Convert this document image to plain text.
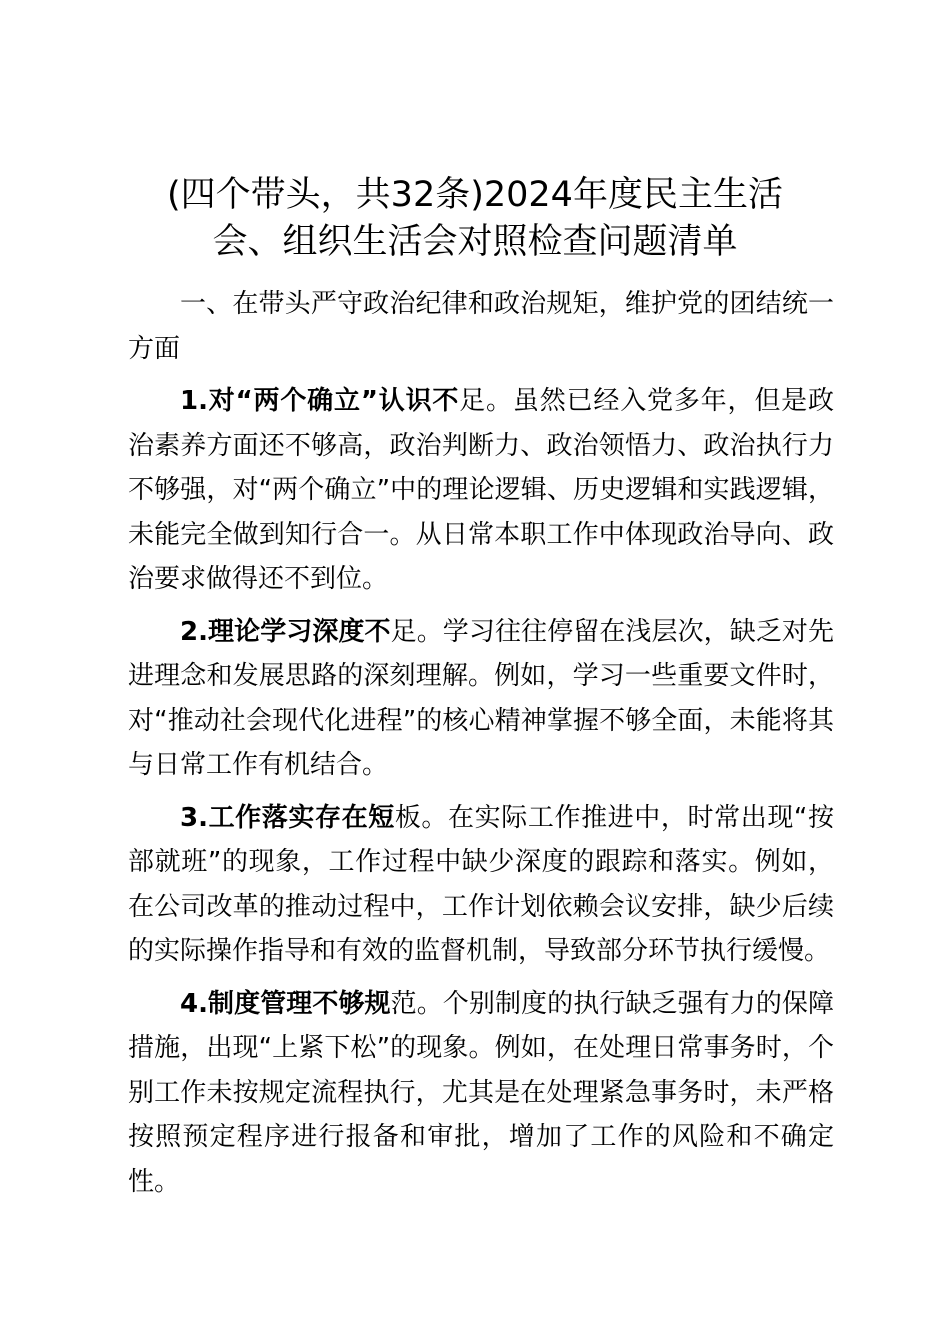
(四个带头，共32条)2024年度民主生活
会、组织生活会对照检查问题清单

一、在带头严守政治纪律和政治规矩，维护党的团结统一方面

1.对“两个确立”认识不足。虽然已经入党多年，但是政治素养方面还不够高，政治判断力、政治领悟力、政治执行力不够强，对“两个确立”中的理论逻辑、历史逻辑和实践逻辑，未能完全做到知行合一。从日常本职工作中体现政治导向、政治要求做得还不到位。

2.理论学习深度不足。学习往往停留在浅层次，缺乏对先进理念和发展思路的深刻理解。例如，学习一些重要文件时，对“推动社会现代化进程”的核心精神掌握不够全面，未能将其与日常工作有机结合。

3.工作落实存在短板。在实际工作推进中，时常出现“按部就班”的现象，工作过程中缺少深度的跟踪和落实。例如，在公司改革的推动过程中，工作计划依赖会议安排，缺少后续的实际操作指导和有效的监督机制，导致部分环节执行缓慢。

4.制度管理不够规范。个别制度的执行缺乏强有力的保障措施，出现“上紧下松”的现象。例如，在处理日常事务时，个别工作未按规定流程执行，尤其是在处理紧急事务时，未严格按照预定程序进行报备和审批，增加了工作的风险和不确定性。
